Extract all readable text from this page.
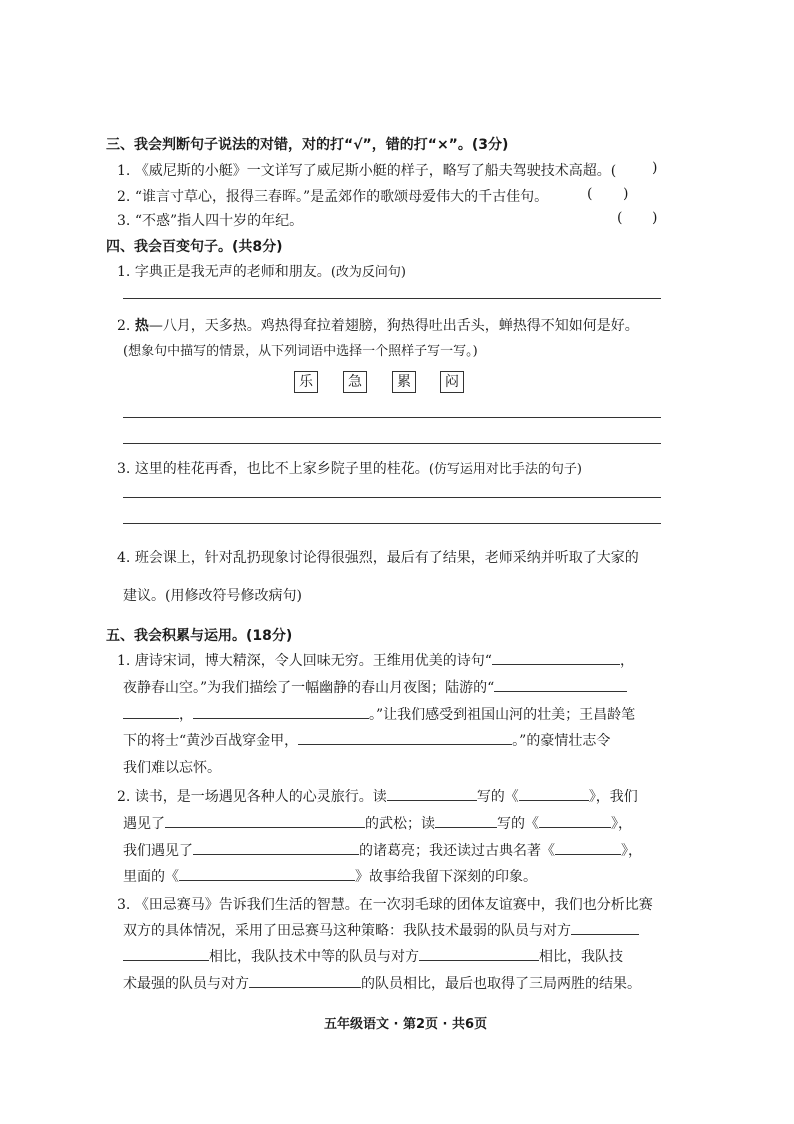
三、我会判断句子说法的对错，对的打“√”，错的打“×”。(3分)
1. 《威尼斯的小艇》一文详写了威尼斯小艇的样子，略写了船夫驾驶技术高超。(	)
2. “谁言寸草心，报得三春晖。”是孟郊作的歌颂母爱伟大的千古佳句。	( )
3. “不惑”指人四十岁的年纪。	( )
四、我会百变句子。(共8分)
1. 字典正是我无声的老师和朋友。(改为反问句)
2. 热—八月，天多热。鸡热得耷拉着翅膀，狗热得吐出舌头，蝉热得不知如何是好。
(想象句中描写的情景，从下列词语中选择一个照样子写一写。)
乐	急	累	闷
3. 这里的桂花再香，也比不上家乡院子里的桂花。(仿写运用对比手法的句子)
4. 班会课上，针对乱扔现象讨论得很强烈，最后有了结果，老师采纳并听取了大家的
建议。(用修改符号修改病句)
五、我会积累与运用。(18分)
1. 唐诗宋词，博大精深，令人回味无穷。王维用优美的诗句“	，
夜静春山空。”为我们描绘了一幅幽静的春山月夜图；陆游的“
，	。”让我们感受到祖国山河的壮美；王昌龄笔
下的将士“黄沙百战穿金甲，	。”的豪情壮志令
我们难以忘怀。
2. 读书，是一场遇见各种人的心灵旅行。读	写的《	》，我们
遇见了	的武松；读	写的《	》，
我们遇见了	的诸葛亮；我还读过古典名著《	》，
里面的《	》故事给我留下深刻的印象。
3. 《田忌赛马》告诉我们生活的智慧。在一次羽毛球的团体友谊赛中，我们也分析比赛
双方的具体情况，采用了田忌赛马这种策略：我队技术最弱的队员与对方
相比，我队技术中等的队员与对方	相比，我队技
术最强的队员与对方	的队员相比，最后也取得了三局两胜的结果。
五年级语文 · 第2页 · 共6页
